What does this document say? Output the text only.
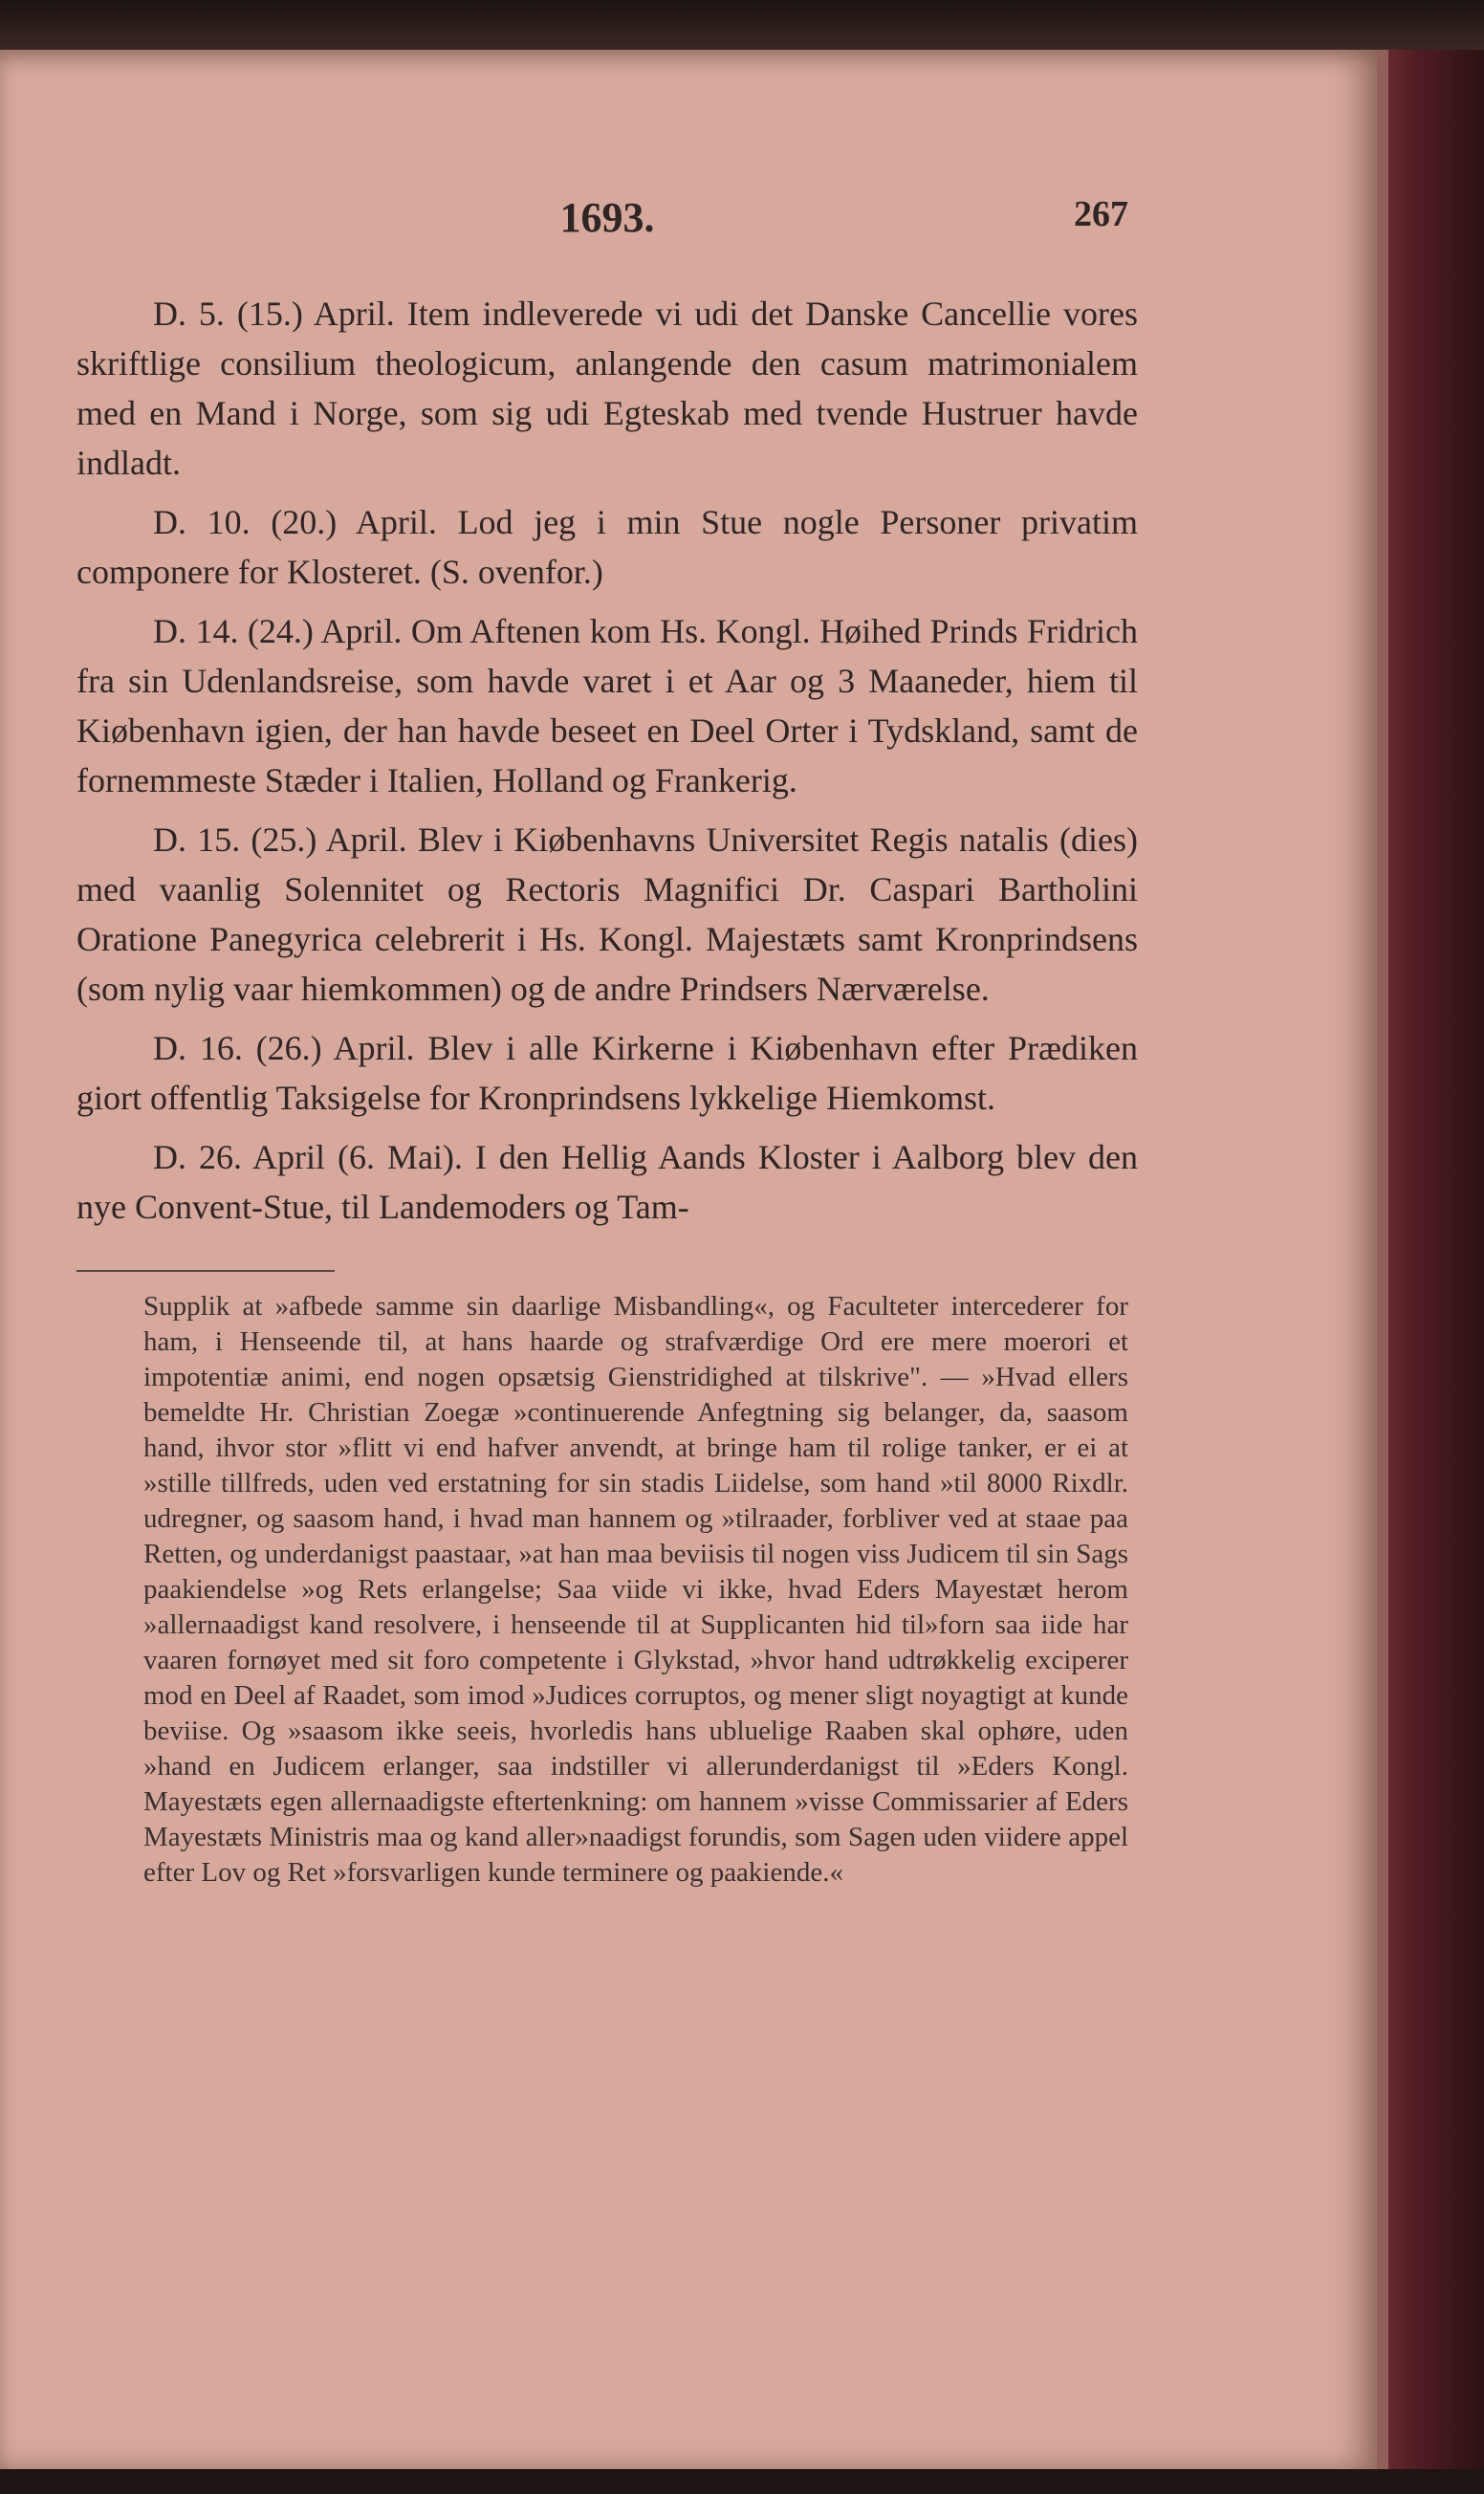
1693.	267

D. 5. (15.) April. Item indleverede vi udi det Danske Cancellie vores skriftlige consilium theologicum, anlangende den casum matrimonialem med en Mand i Norge, som sig udi Egteskab med tvende Hustruer havde indladt.

D. 10. (20.) April. Lod jeg i min Stue nogle Personer privatim componere for Klosteret. (S. ovenfor.)

D. 14. (24.) April. Om Aftenen kom Hs. Kongl. Høihed Prinds Fridrich fra sin Udenlandsreise, som havde varet i et Aar og 3 Maaneder, hiem til Kiøbenhavn igien, der han havde beseet en Deel Orter i Tydskland, samt de fornemmeste Stæder i Italien, Holland og Frankerig.

D. 15. (25.) April. Blev i Kiøbenhavns Universitet Regis natalis (dies) med vaanlig Solennitet og Rectoris Magnifici Dr. Caspari Bartholini Oratione Panegyrica celebrerit i Hs. Kongl. Majestæts samt Kronprindsens (som nylig vaar hiemkommen) og de andre Prindsers Nærværelse.

D. 16. (26.) April. Blev i alle Kirkerne i Kiøbenhavn efter Prædiken giort offentlig Taksigelse for Kronprindsens lykkelige Hiemkomst.

D. 26. April (6. Mai). I den Hellig Aands Kloster i Aalborg blev den nye Convent-Stue, til Landemoders og Tam-

Supplik at »afbede samme sin daarlige Misbandling«, og Faculteter intercederer for ham, i Henseende til, at hans haarde og strafværdige Ord ere mere moerori et impotentiæ animi, end nogen opsætsig Gienstridighed at tilskrive". — »Hvad ellers bemeldte Hr. Christian Zoegæ »continuerende Anfegtning sig belanger, da, saasom hand, ihvor stor »flitt vi end hafver anvendt, at bringe ham til rolige tanker, er ei at »stille tillfreds, uden ved erstatning for sin stadis Liidelse, som hand »til 8000 Rixdlr. udregner, og saasom hand, i hvad man hannem og »tilraader, forbliver ved at staae paa Retten, og underdanigst paastaar, »at han maa beviisis til nogen viss Judicem til sin Sags paakiendelse »og Rets erlangelse; Saa viide vi ikke, hvad Eders Mayestæt herom »allernaadigst kand resolvere, i henseende til at Supplicanten hid til»forn saa iide har vaaren fornøyet med sit foro competente i Glykstad, »hvor hand udtrøkkelig exciperer mod en Deel af Raadet, som imod »Judices corruptos, og mener sligt noyagtigt at kunde beviise. Og »saasom ikke seeis, hvorledis hans ubluelige Raaben skal ophøre, uden »hand en Judicem erlanger, saa indstiller vi allerunderdanigst til »Eders Kongl. Mayestæts egen allernaadigste eftertenkning: om hannem »visse Commissarier af Eders Mayestæts Ministris maa og kand aller»naadigst forundis, som Sagen uden viidere appel efter Lov og Ret »forsvarligen kunde terminere og paakiende.«
